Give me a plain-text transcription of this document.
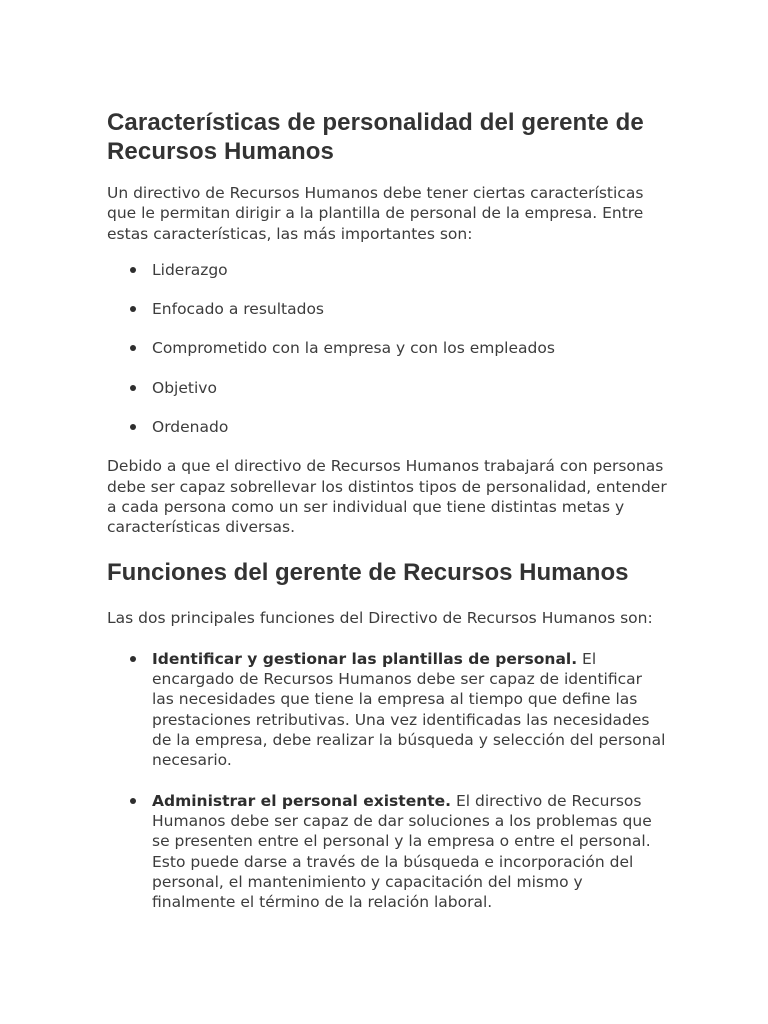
Características de personalidad del gerente de Recursos Humanos

Un directivo de Recursos Humanos debe tener ciertas características que le permitan dirigir a la plantilla de personal de la empresa. Entre estas características, las más importantes son:

Liderazgo
Enfocado a resultados
Comprometido con la empresa y con los empleados
Objetivo
Ordenado

Debido a que el directivo de Recursos Humanos trabajará con personas debe ser capaz sobrellevar los distintos tipos de personalidad, entender a cada persona como un ser individual que tiene distintas metas y características diversas.

Funciones del gerente de Recursos Humanos

Las dos principales funciones del Directivo de Recursos Humanos son:

Identificar y gestionar las plantillas de personal. El encargado de Recursos Humanos debe ser capaz de identificar las necesidades que tiene la empresa al tiempo que define las prestaciones retributivas. Una vez identificadas las necesidades de la empresa, debe realizar la búsqueda y selección del personal necesario.
Administrar el personal existente. El directivo de Recursos Humanos debe ser capaz de dar soluciones a los problemas que se presenten entre el personal y la empresa o entre el personal. Esto puede darse a través de la búsqueda e incorporación del personal, el mantenimiento y capacitación del mismo y finalmente el término de la relación laboral.
